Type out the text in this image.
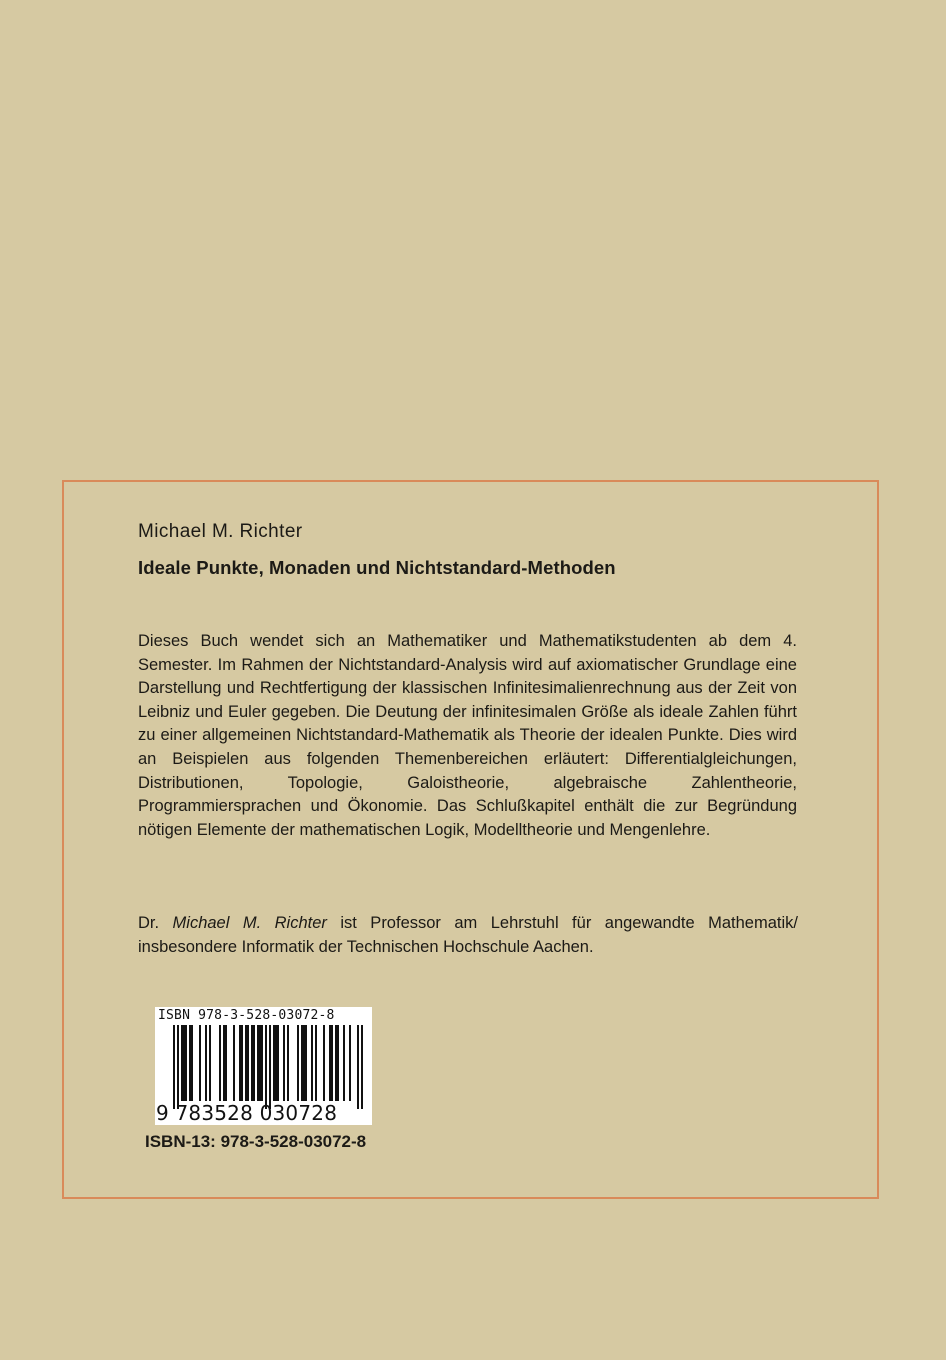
Michael M. Richter
Ideale Punkte, Monaden und Nichtstandard-Methoden

Dieses Buch wendet sich an Mathematiker und Mathematikstudenten ab dem 4. Semester. Im Rahmen der Nichtstandard-Analysis wird auf axiomatischer Grundlage eine Darstellung und Rechtfertigung der klassischen Infinitesimalienrechnung aus der Zeit von Leibniz und Euler gegeben. Die Deutung der infinitesimalen Größe als ideale Zahlen führt zu einer allgemeinen Nichtstandard-Mathematik als Theorie der idealen Punkte. Dies wird an Beispielen aus folgenden Themenbereichen erläutert: Differentialgleichungen, Distributionen, Topologie, Galoistheorie, algebraische Zahlentheorie, Programmiersprachen und Ökonomie. Das Schlußkapitel enthält die zur Begründung nötigen Elemente der mathematischen Logik, Modelltheorie und Mengenlehre.

Dr. Michael M. Richter ist Professor am Lehrstuhl für angewandte Mathematik/ insbesondere Informatik der Technischen Hochschule Aachen.

ISBN 978-3-528-03072-8
9 783528 030728
ISBN-13: 978-3-528-03072-8
